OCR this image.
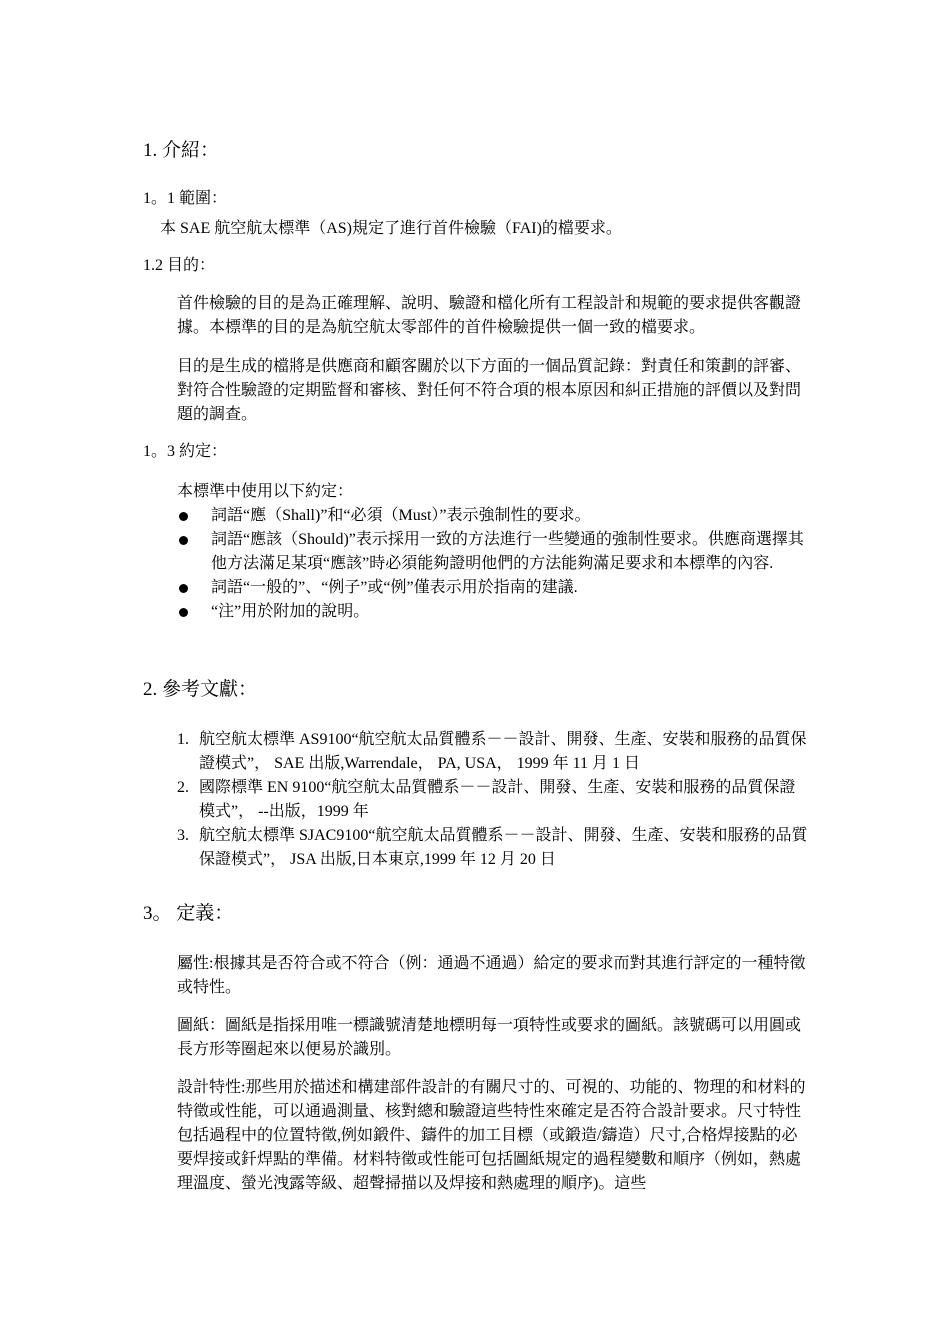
1. 介紹：
1。1 範圍：
本 SAE 航空航太標準（AS)規定了進行首件檢驗（FAI)的檔要求。
1.2 目的：
首件檢驗的目的是為正確理解、說明、驗證和檔化所有工程設計和規範的要求提供客觀證據。本標準的目的是為航空航太零部件的首件檢驗提供一個一致的檔要求。
目的是生成的檔將是供應商和顧客關於以下方面的一個品質記錄：對責任和策劃的評審、對符合性驗證的定期監督和審核、對任何不符合項的根本原因和糾正措施的評價以及對問題的調查。
1。3 約定：
本標準中使用以下約定：
詞語“應（Shall)”和“必須（Must）”表示強制性的要求。
詞語“應該（Should)”表示採用一致的方法進行一些變通的強制性要求。供應商選擇其他方法滿足某項“應該”時必須能夠證明他們的方法能夠滿足要求和本標準的內容.
詞語“一般的”、“例子”或“例”僅表示用於指南的建議.
“注”用於附加的說明。
2. 參考文獻：
1. 航空航太標準 AS9100“航空航太品質體系－－設計、開發、生產、安裝和服務的品質保證模式”， SAE 出版,Warrendale， PA, USA， 1999 年 11 月 1 日
2. 國際標準 EN 9100“航空航太品質體系－－設計、開發、生產、安裝和服務的品質保證模式”， --出版，1999 年
3. 航空航太標準 SJAC9100“航空航太品質體系－－設計、開發、生產、安裝和服務的品質保證模式”， JSA 出版,日本東京,1999 年 12 月 20 日
3。 定義：
屬性:根據其是否符合或不符合（例：通過不通過）給定的要求而對其進行評定的一種特徵或特性。
圖紙：圖紙是指採用唯一標識號清楚地標明每一項特性或要求的圖紙。該號碼可以用圓或長方形等圈起來以便易於識別。
設計特性:那些用於描述和構建部件設計的有關尺寸的、可視的、功能的、物理的和材料的特徵或性能，可以通過測量、核對總和驗證這些特性來確定是否符合設計要求。尺寸特性包括過程中的位置特徵,例如鍛件、鑄件的加工目標（或鍛造/鑄造）尺寸,合格焊接點的必要焊接或釺焊點的準備。材料特徵或性能可包括圖紙規定的過程變數和順序（例如，熱處理溫度、螢光洩露等級、超聲掃描以及焊接和熱處理的順序)。這些
